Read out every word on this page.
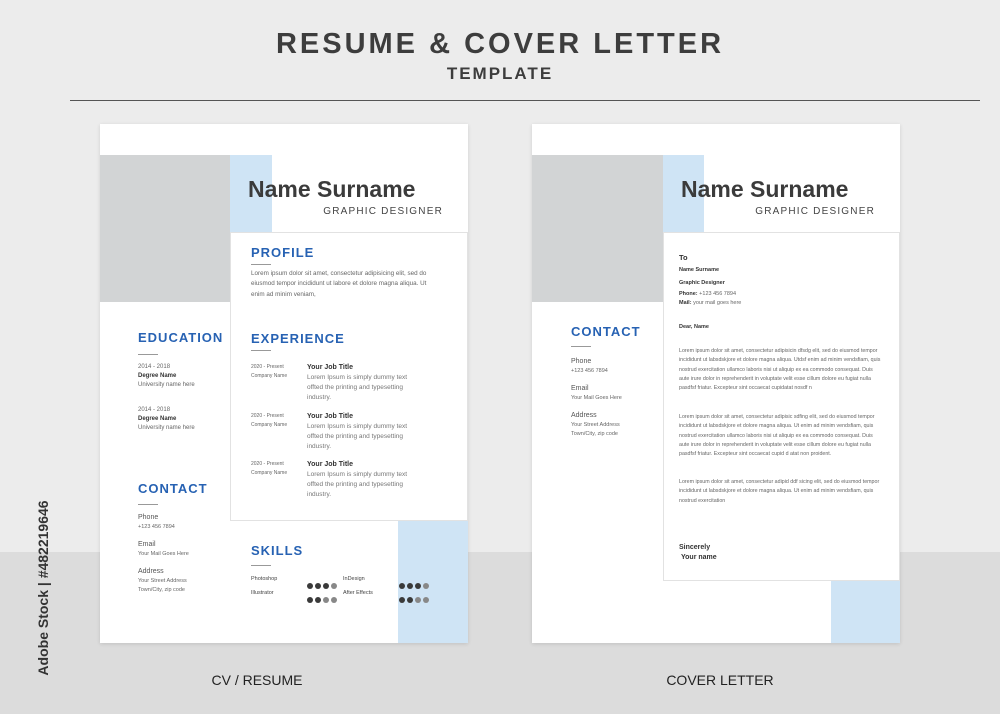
RESUME & COVER LETTER
TEMPLATE
Adobe Stock | #482219646
Name Surname
GRAPHIC DESIGNER
PROFILE
Lorem ipsum dolor sit amet, consectetur adipisicing elit, sed do eiusmod tempor incididunt ut labore et dolore magna aliqua. Ut enim ad minim veniam,
EXPERIENCE
2020 - Present
Company Name
Your Job Title
Lorem Ipsum is simply dummy text
offted the printing and typesetting
industry.
2020 - Present
Company Name
Your Job Title
Lorem Ipsum is simply dummy text
offted the printing and typesetting
industry.
2020 - Present
Company Name
Your Job Title
Lorem Ipsum is simply dummy text
offted the printing and typesetting
industry.
EDUCATION
2014 - 2018
Degree Name
University name here
2014 - 2018
Degree Name
University name here
CONTACT
Phone
+123 456 7894
Email
Your Mail Goes Here
Address
Your Street Address
Town/City, zip code
SKILLS
Photoshop	InDesign
Illustrator	After Effects
CV / RESUME
Name Surname
GRAPHIC DESIGNER
CONTACT
Phone
+123 456 7894
Email
Your Mail Goes Here
Address
Your Street Address
Town/City, zip code
To
Name Surname
Graphic Designer
Phone: +123 456 7894
Mail: your mail goes here
Dear, Name
Lorem ipsum dolor sit amet, consectetur adipisicin dfsdg elit, sed do eiusmod tempor incididunt ut labsdskjore et dolore magna aliqua. Utdsf enim ad minim vendsfiam, quis nostrud exercitation ullamco laboris nisi ut aliquip ex ea commodo consequat. Duis aute irure dolor in reprehenderit in voluptate velit esse cillum dolore eu fugiat nulla pasdfsf friatur. Excepteur sint occaecat cupidatat nosdf n
Lorem ipsum dolor sit amet, consectetur adipisic sdfing elit, sed do eiusmod tempor incididunt ut labsdskjore et dolore magna aliqua. Ut enim ad minim vendsfiam, quis nostrud exercitation ullamco laboris nisi ut aliquip ex ea commodo consequat. Duis aute irure dolor in reprehenderit in voluptate velit esse cillum dolore eu fugiat nulla pasdfsf friatur. Excepteur sint occaecat cupid d atat non proident.
Lorem ipsum dolor sit amet, consectetur adipid ddf sicing elit, sed do eiusmod tempor incididunt ut labsdskjore et dolore magna aliqua. Ut enim ad minim vendsfiam, quis nostrud exercitation
Sincerely
Your name
COVER LETTER
